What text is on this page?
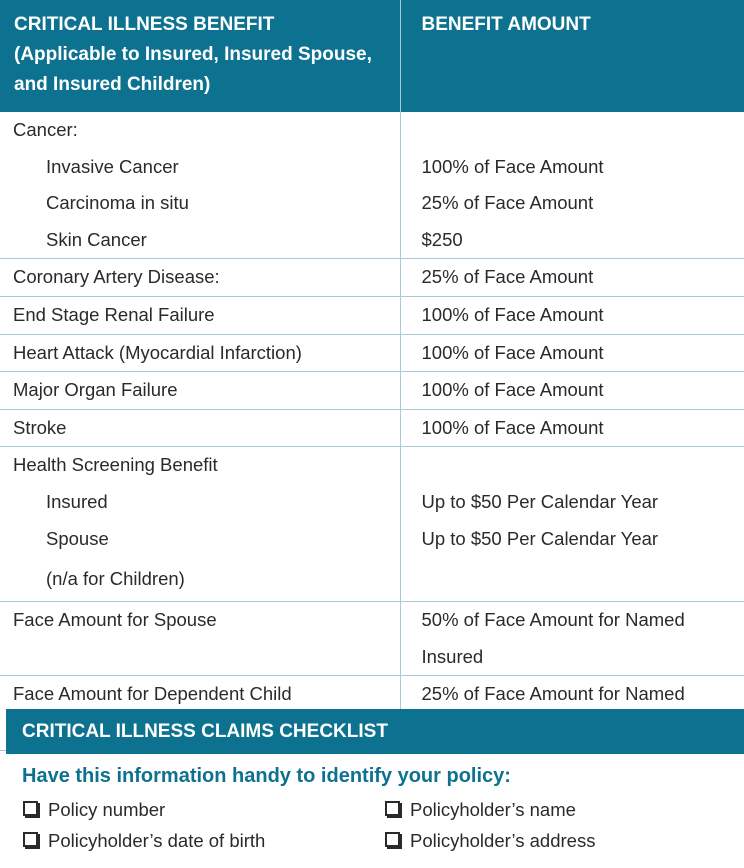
CRITICAL ILLNESS BENEFIT
(Applicable to Insured, Insured Spouse,
and Insured Children)	BENEFIT AMOUNT
Cancer:	
Invasive Cancer	100% of Face Amount
Carcinoma in situ	25% of Face Amount
Skin Cancer	$250
Coronary Artery Disease:	25% of Face Amount
End Stage Renal Failure	100% of Face Amount
Heart Attack (Myocardial Infarction)	100% of Face Amount
Major Organ Failure	100% of Face Amount
Stroke	100% of Face Amount
Health Screening Benefit	
Insured	Up to $50 Per Calendar Year
Spouse	Up to $50 Per Calendar Year
(n/a for Children)	
Face Amount for Spouse	50% of Face Amount for Named Insured
Face Amount for Dependent Child	25% of Face Amount for Named
CRITICAL ILLNESS CLAIMS CHECKLIST
Have this information handy to identify your policy:
Policy number	Policyholder’s name
Policyholder’s date of birth	Policyholder’s address
